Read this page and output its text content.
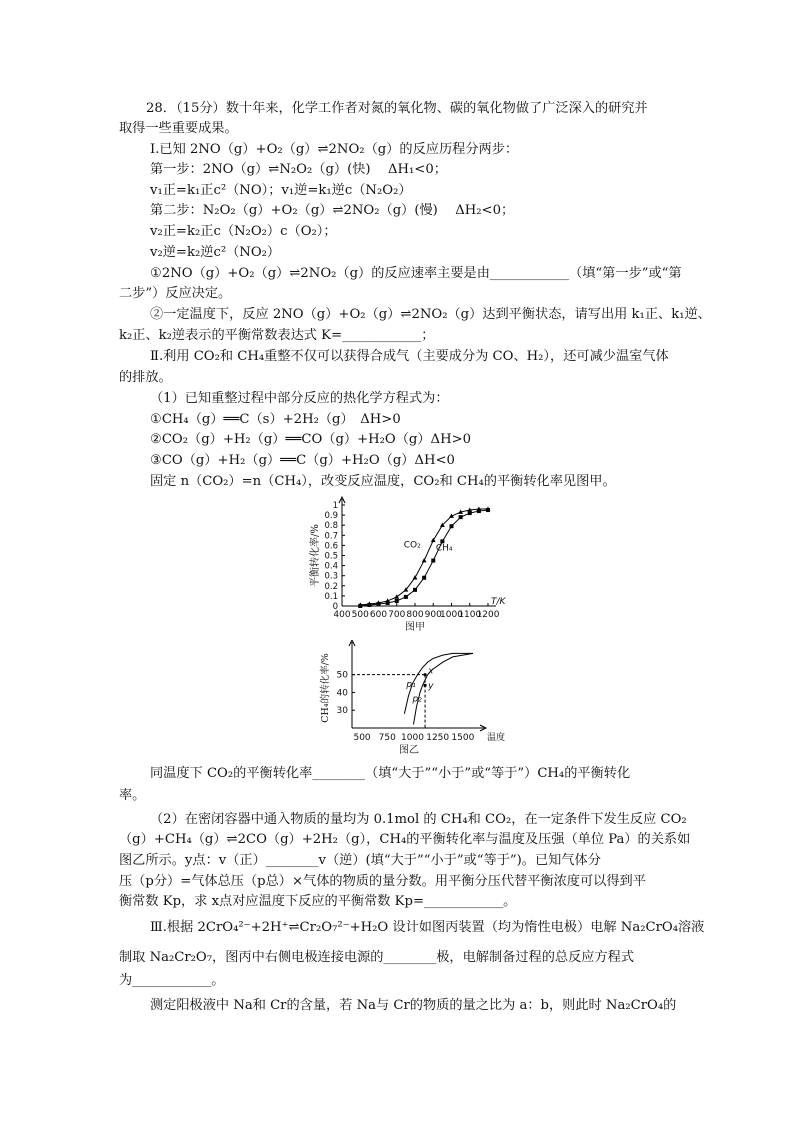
28．（15分）数十年来，化学工作者对氮的氧化物、碳的氧化物做了广泛深入的研究并
取得一些重要成果。
Ⅰ.已知 2NO（g）+O₂（g）⇌2NO₂（g）的反应历程分两步：
第一步：2NO（g）⇌N₂O₂（g）(快)　 ΔH₁<0；
v₁正=k₁正c²（NO）；v₁逆=k₁逆c（N₂O₂）
第二步：N₂O₂（g）+O₂（g）⇌2NO₂（g）(慢)　 ΔH₂<0；
v₂正=k₂正c（N₂O₂）c（O₂）；
v₂逆=k₂逆c²（NO₂）
①2NO（g）+O₂（g）⇌2NO₂（g）的反应速率主要是由____________（填“第一步”或“第
二步”）反应决定。
②一定温度下，反应 2NO（g）+O₂（g）⇌2NO₂（g）达到平衡状态，请写出用 k₁正、k₁逆、
k₂正、k₂逆表示的平衡常数表达式 K=____________；
Ⅱ.利用 CO₂和 CH₄重整不仅可以获得合成气（主要成分为 CO、H₂），还可减少温室气体
的排放。
（1）已知重整过程中部分反应的热化学方程式为：
①CH₄（g）══C（s）+2H₂（g）　ΔH>0
②CO₂（g）+H₂（g）══CO（g）+H₂O（g）ΔH>0
③CO（g）+H₂（g）══C（g）+H₂O（g）ΔH<0
固定 n（CO₂）=n（CH₄），改变反应温度，CO₂和 CH₄的平衡转化率见图甲。
400 500 600 700 800 900
1000
1100
1200
0
0.1
0.2
0.3
0.4
0.5
0.6
0.7
0.8
0.9
1
T/K
平衡转化率/%
图甲
CO₂ CH₄
500 750 1000 1250 1500
30
40
50
温度
CH₄的转化率/%
图乙
x
y
p₁
p₂
同温度下 CO₂的平衡转化率________（填“大于”“小于”或“等于”）CH₄的平衡转化
率。
（2）在密闭容器中通入物质的量均为 0.1mol 的 CH₄和 CO₂，在一定条件下发生反应 CO₂
（g）+CH₄（g）⇌2CO（g）+2H₂（g），CH₄的平衡转化率与温度及压强（单位 Pa）的关系如
图乙所示。y点：v（正）________v（逆）(填“大于”“小于”或“等于”)。已知气体分
压（p分）=气体总压（p总）×气体的物质的量分数。用平衡分压代替平衡浓度可以得到平
衡常数 Kp，求 x点对应温度下反应的平衡常数 Kp=____________。
Ⅲ.根据 2CrO₄²⁻+2H⁺⇌Cr₂O₇²⁻+H₂O 设计如图丙装置（均为惰性电极）电解 Na₂CrO₄溶液
制取 Na₂Cr₂O₇，图丙中右侧电极连接电源的________极，电解制备过程的总反应方程式
为____________。
测定阳极液中 Na和 Cr的含量，若 Na与 Cr的物质的量之比为 a：b，则此时 Na₂CrO₄的
